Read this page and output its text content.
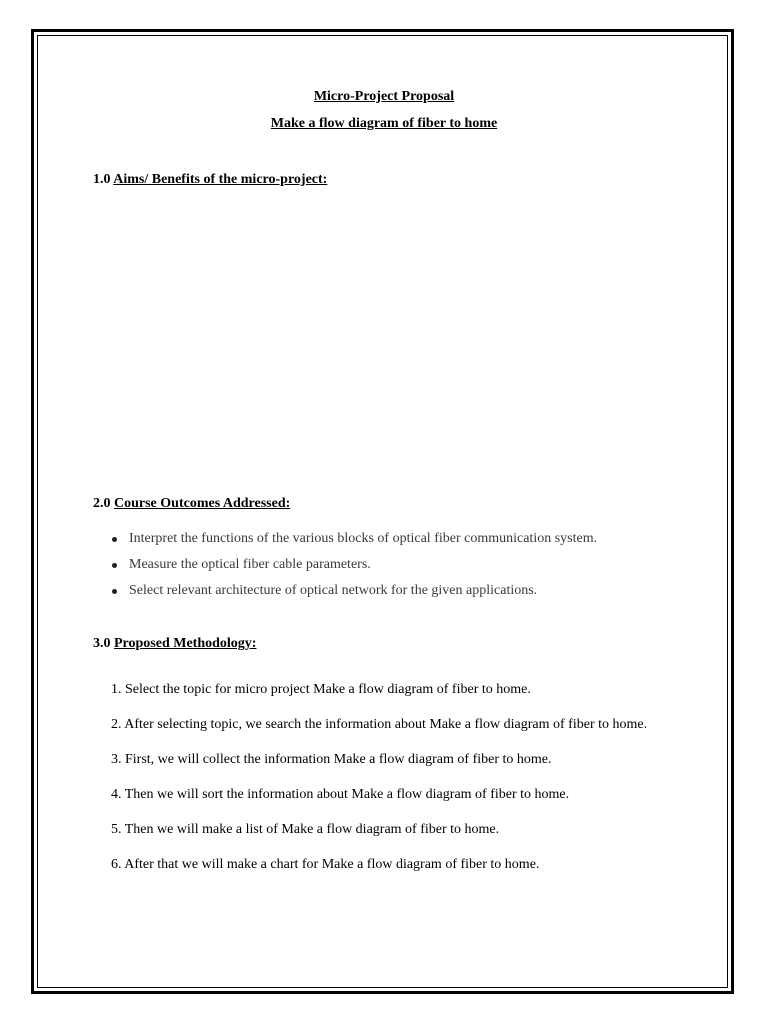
Micro-Project Proposal
Make a flow diagram of fiber to home
1.0 Aims/ Benefits of the micro-project:
2.0 Course Outcomes Addressed:
Interpret the functions of the various blocks of optical fiber communication system.
Measure the optical fiber cable parameters.
Select relevant architecture of optical network for the given applications.
3.0 Proposed Methodology:
1. Select the topic for micro project Make a flow diagram of fiber to home.
2. After selecting topic, we search the information about Make a flow diagram of fiber to home.
3. First, we will collect the information Make a flow diagram of fiber to home.
4. Then we will sort the information about Make a flow diagram of fiber to home.
5. Then we will make a list of Make a flow diagram of fiber to home.
6. After that we will make a chart for Make a flow diagram of fiber to home.
